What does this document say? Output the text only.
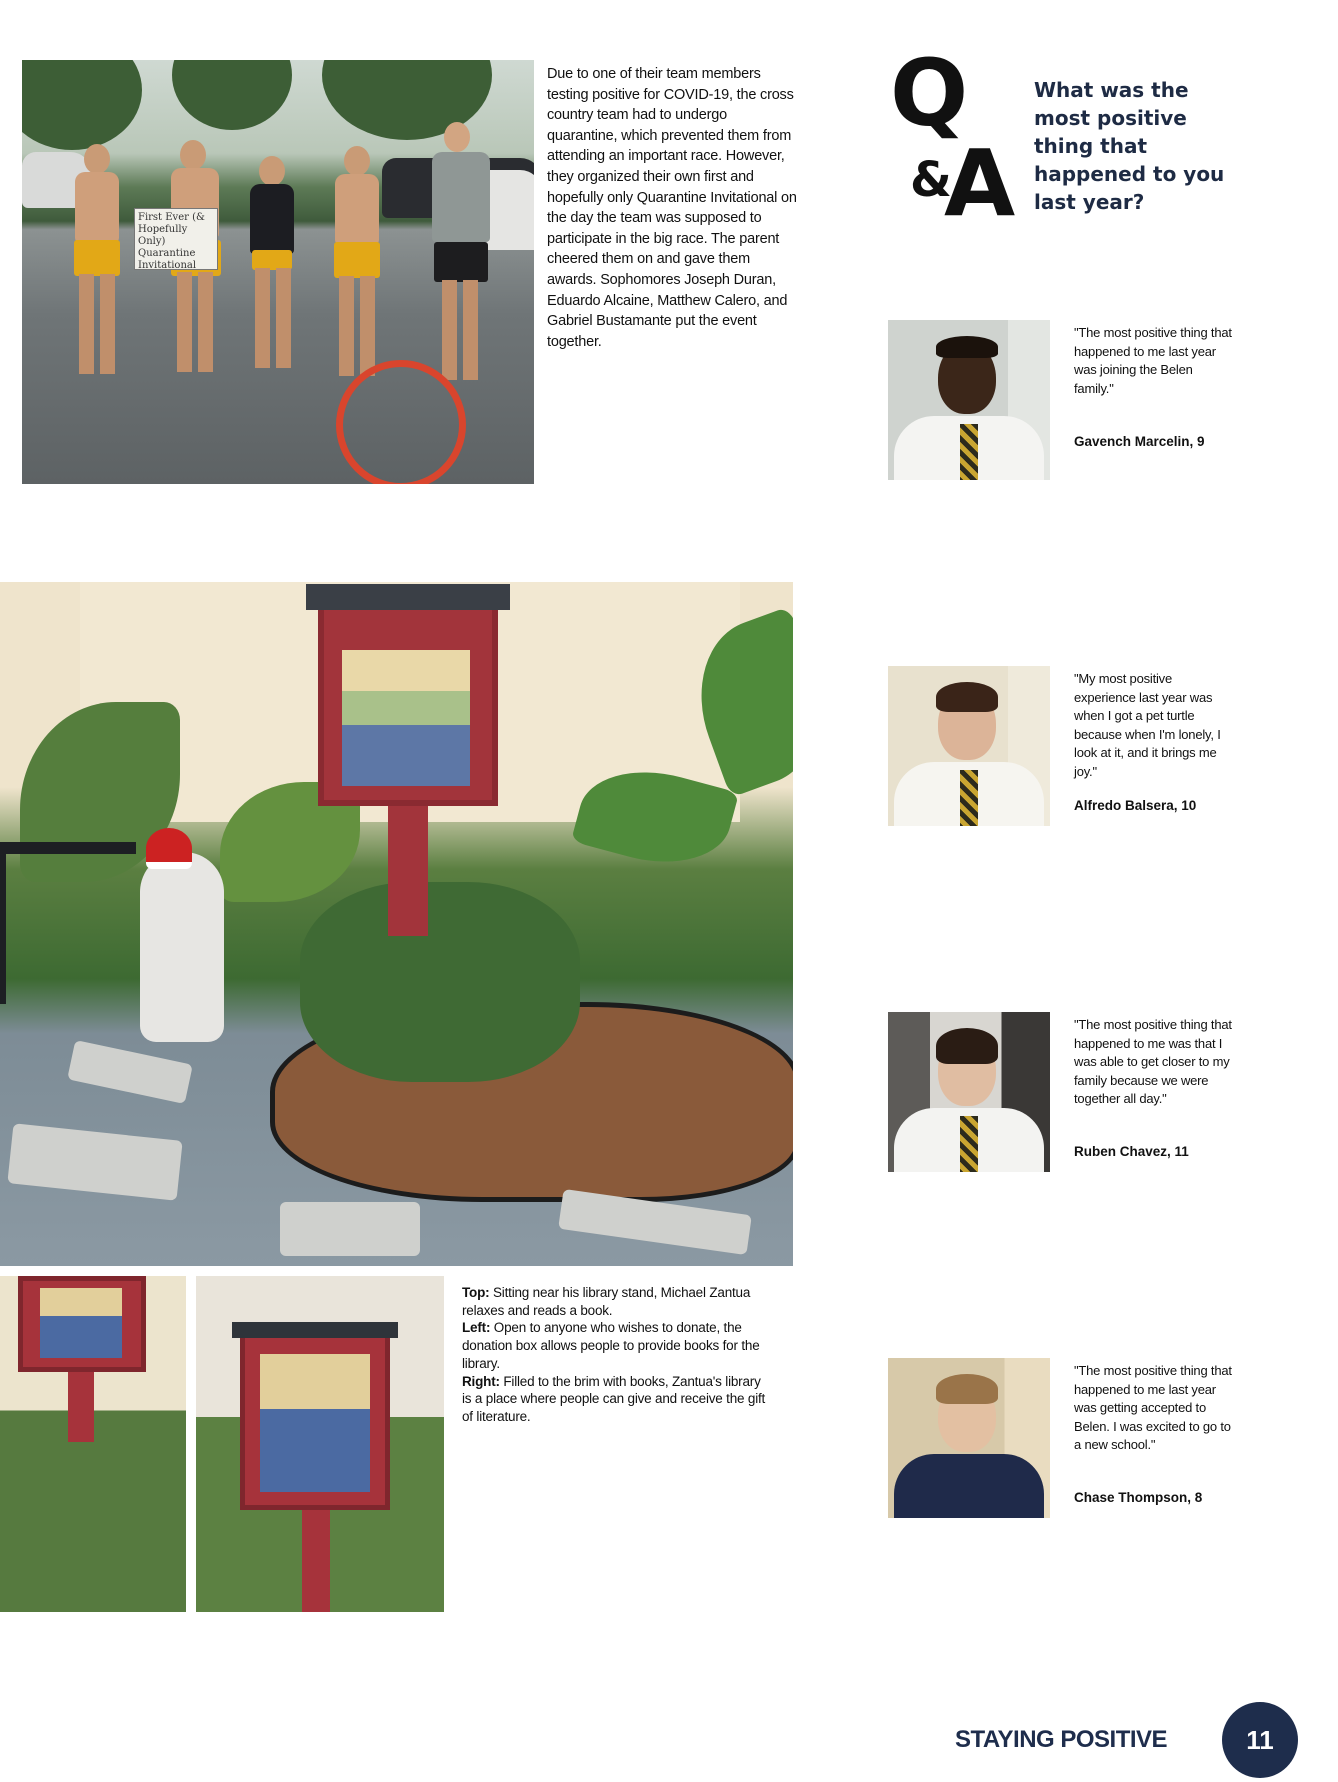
First Ever (& Hopefully Only) Quarantine Invitational
Due to one of their team members testing positive for COVID-19, the cross country team had to undergo quarantine, which prevented them from attending an important race. However, they organized their own first and hopefully only Quarantine Invitational on the day the team was supposed to participate in the big race. The parent cheered them on and gave them awards. Sophomores Joseph Duran, Eduardo Alcaine, Matthew Calero, and Gabriel Bustamante put the event together.
Q
&
A
What was the most positive thing that happened to you last year?
Top: Sitting near his library stand, Michael Zantua relaxes and reads a book.
Left: Open to anyone who wishes to donate, the donation box allows people to provide books for the library.
Right: Filled to the brim with books, Zantua's library is a place where people can give and receive the gift of literature.
"The most positive thing that happened to me last year was joining the Belen family."
Gavench Marcelin, 9
"My most positive experience last year was when I got a pet turtle because when I'm lonely, I look at it, and it brings me joy."
Alfredo Balsera, 10
"The most positive thing that happened to me was that I was able to get closer to my family because we were together all day."
Ruben Chavez, 11
"The most positive thing that happened to me last year was getting accepted to Belen. I was excited to go to a new school."
Chase Thompson, 8
STAYING POSITIVE	11
